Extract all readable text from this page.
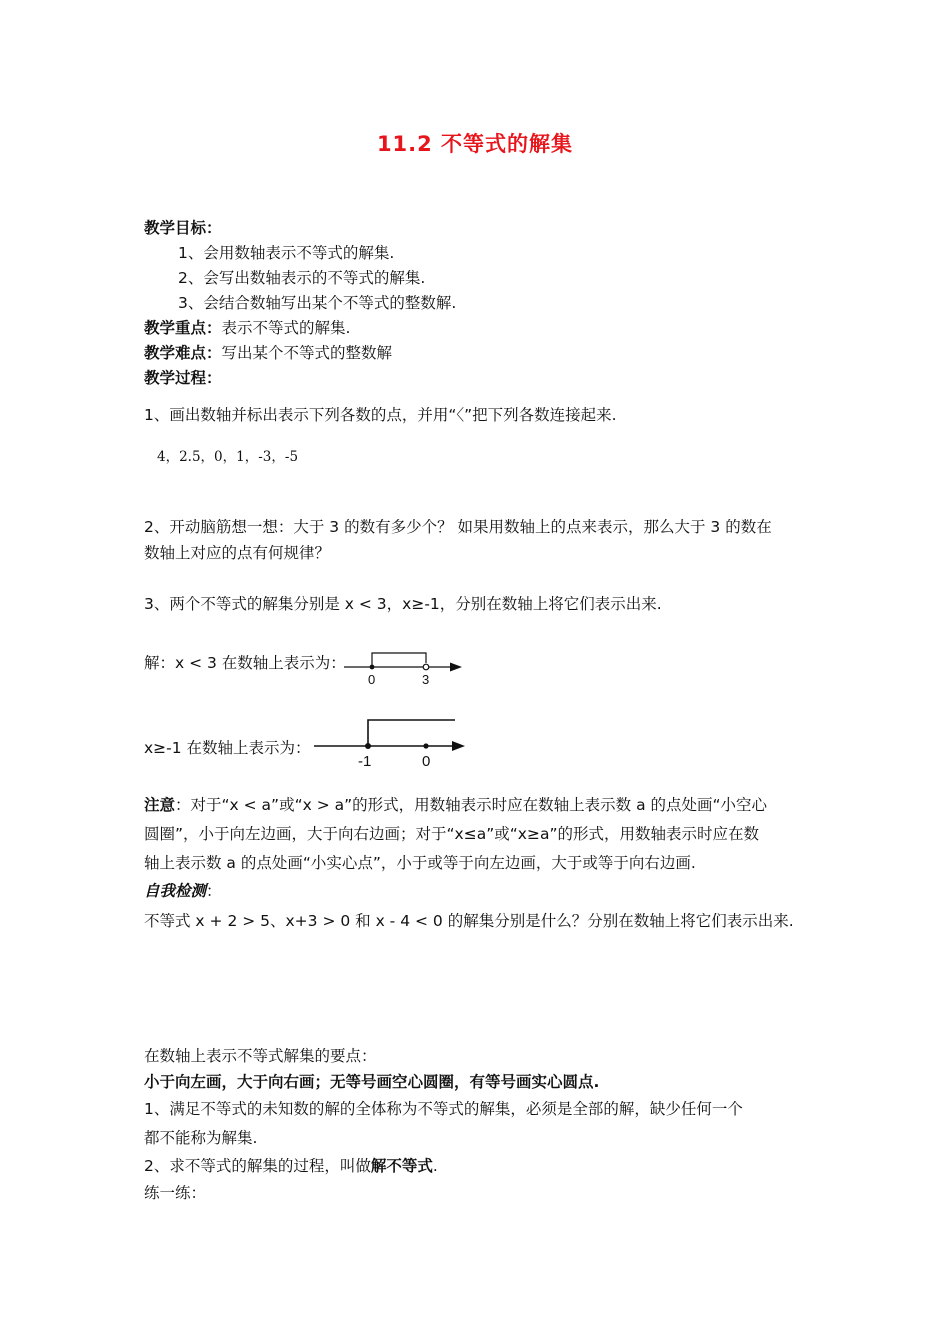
11.2 不等式的解集
教学目标：
1、会用数轴表示不等式的解集.
2、会写出数轴表示的不等式的解集.
3、会结合数轴写出某个不等式的整数解.
教学重点：表示不等式的解集.
教学难点：写出某个不等式的整数解
教学过程：
1、画出数轴并标出表示下列各数的点，并用“〈”把下列各数连接起来.
4，2.5，0，1，-3，-5
2、开动脑筋想一想：大于 3 的数有多少个？ 如果用数轴上的点来表示，那么大于 3 的数在
数轴上对应的点有何规律？
3、两个不等式的解集分别是 x < 3，x≥-1，分别在数轴上将它们表示出来.
解：x < 3 在数轴上表示为：
0	3
x≥-1 在数轴上表示为：
-1	0
注意：对于“x < a”或“x > a”的形式，用数轴表示时应在数轴上表示数 a 的点处画“小空心
圆圈”，小于向左边画，大于向右边画；对于“x≤a”或“x≥a”的形式，用数轴表示时应在数
轴上表示数 a 的点处画“小实心点”，小于或等于向左边画，大于或等于向右边画.
自我检测：
不等式 x + 2 > 5、x+3 > 0 和 x - 4 < 0 的解集分别是什么？分别在数轴上将它们表示出来.
在数轴上表示不等式解集的要点：
小于向左画，大于向右画；无等号画空心圆圈，有等号画实心圆点.
1、满足不等式的未知数的解的全体称为不等式的解集，必须是全部的解，缺少任何一个
都不能称为解集.
2、求不等式的解集的过程，叫做解不等式.
练一练：
